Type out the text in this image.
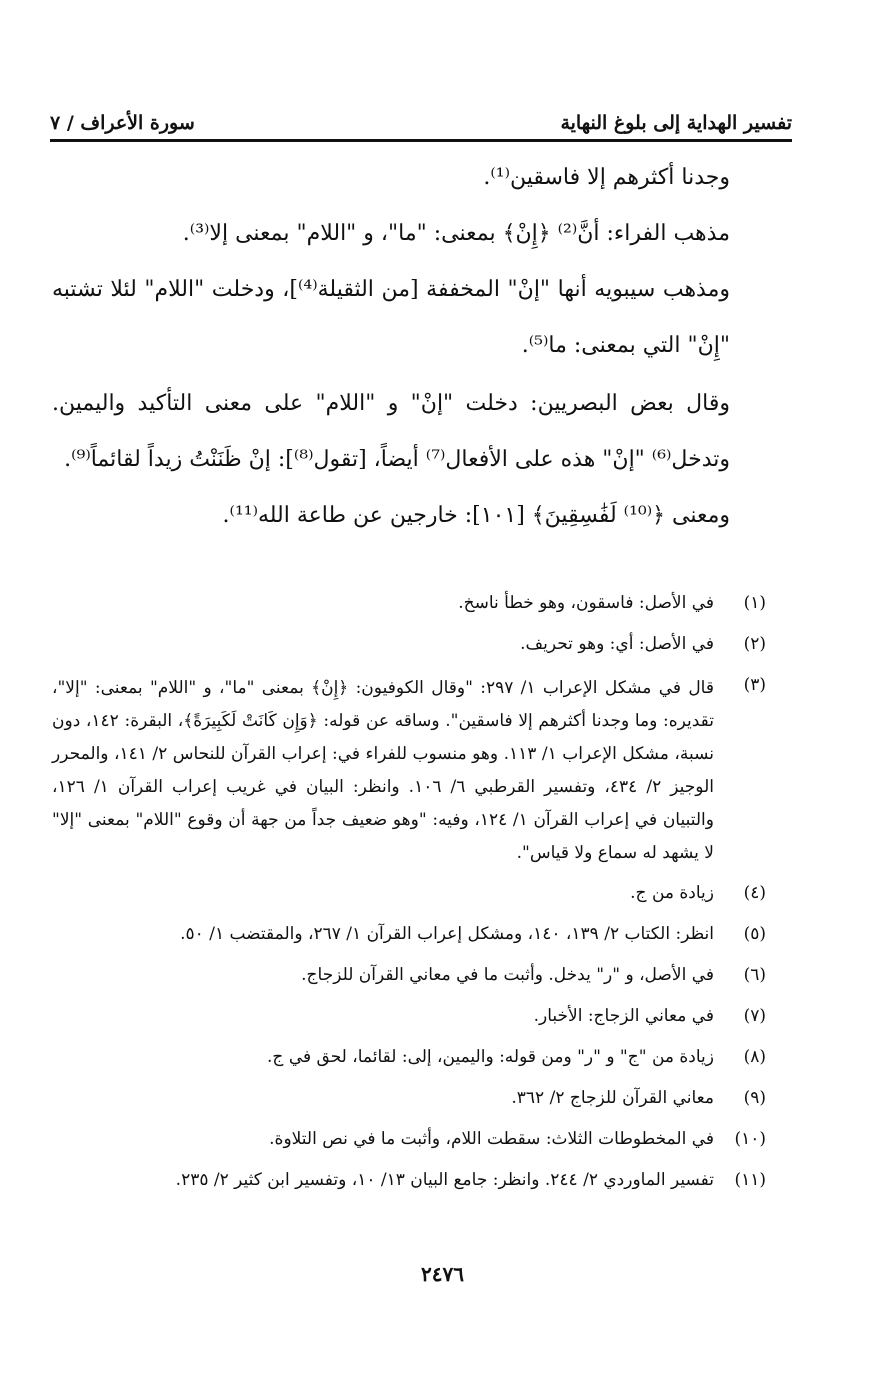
تفسير الهداية إلى بلوغ النهاية
سورة الأعراف / ٧

وجدنا أكثرهم إلا فاسقين⁽¹⁾.

مذهب الفراء: أنَّ⁽²⁾ ﴿إِنْ﴾ بمعنى: "ما"، و "اللام" بمعنى إلا⁽³⁾.

ومذهب سيبويه أنها "إنْ" المخففة [من الثقيلة⁽⁴⁾]، ودخلت "اللام" لئلا تشتبه "إِنْ" التي بمعنى: ما⁽⁵⁾.

وقال بعض البصريين: دخلت "إنْ" و "اللام" على معنى التأكيد واليمين. وتدخل⁽⁶⁾ "إنْ" هذه على الأفعال⁽⁷⁾ أيضاً، [تقول⁽⁸⁾]: إنْ ظَنَنْتُ زيداً لقائماً⁽⁹⁾.

ومعنى ﴿⁽¹⁰⁾ لَفَٰسِقِينَ﴾ [١٠١]: خارجين عن طاعة الله⁽¹¹⁾.

(١)
في الأصل: فاسقون، وهو خطأ ناسخ.
(٢)
في الأصل: أي: وهو تحريف.
(٣)
قال في مشكل الإعراب ١/ ٢٩٧: "وقال الكوفيون: ﴿إِنْ﴾ بمعنى "ما"، و "اللام" بمعنى: "إلا"، تقديره: وما وجدنا أكثرهم إلا فاسقين". وساقه عن قوله: ﴿وَإِن كَانَتْ لَكَبِيرَةً﴾، البقرة: ١٤٢، دون نسبة، مشكل الإعراب ١/ ١١٣. وهو منسوب للفراء في: إعراب القرآن للنحاس ٢/ ١٤١، والمحرر الوجيز ٢/ ٤٣٤، وتفسير القرطبي ٦/ ١٠٦. وانظر: البيان في غريب إعراب القرآن ١/ ١٢٦، والتبيان في إعراب القرآن ١/ ١٢٤، وفيه: "وهو ضعيف جداً من جهة أن وقوع "اللام" بمعنى "إلا" لا يشهد له سماع ولا قياس".
(٤)
زيادة من ج.
(٥)
انظر: الكتاب ٢/ ١٣٩، ١٤٠، ومشكل إعراب القرآن ١/ ٢٦٧، والمقتضب ١/ ٥٠.
(٦)
في الأصل، و "ر" يدخل. وأثبت ما في معاني القرآن للزجاج.
(٧)
في معاني الزجاج: الأخبار.
(٨)
زيادة من "ج" و "ر" ومن قوله: واليمين، إلى: لقائما، لحق في ج.
(٩)
معاني القرآن للزجاج ٢/ ٣٦٢.
(١٠)
في المخطوطات الثلاث: سقطت اللام، وأثبت ما في نص التلاوة.
(١١)
تفسير الماوردي ٢/ ٢٤٤. وانظر: جامع البيان ١٣/ ١٠، وتفسير ابن كثير ٢/ ٢٣٥.
٢٤٧٦
